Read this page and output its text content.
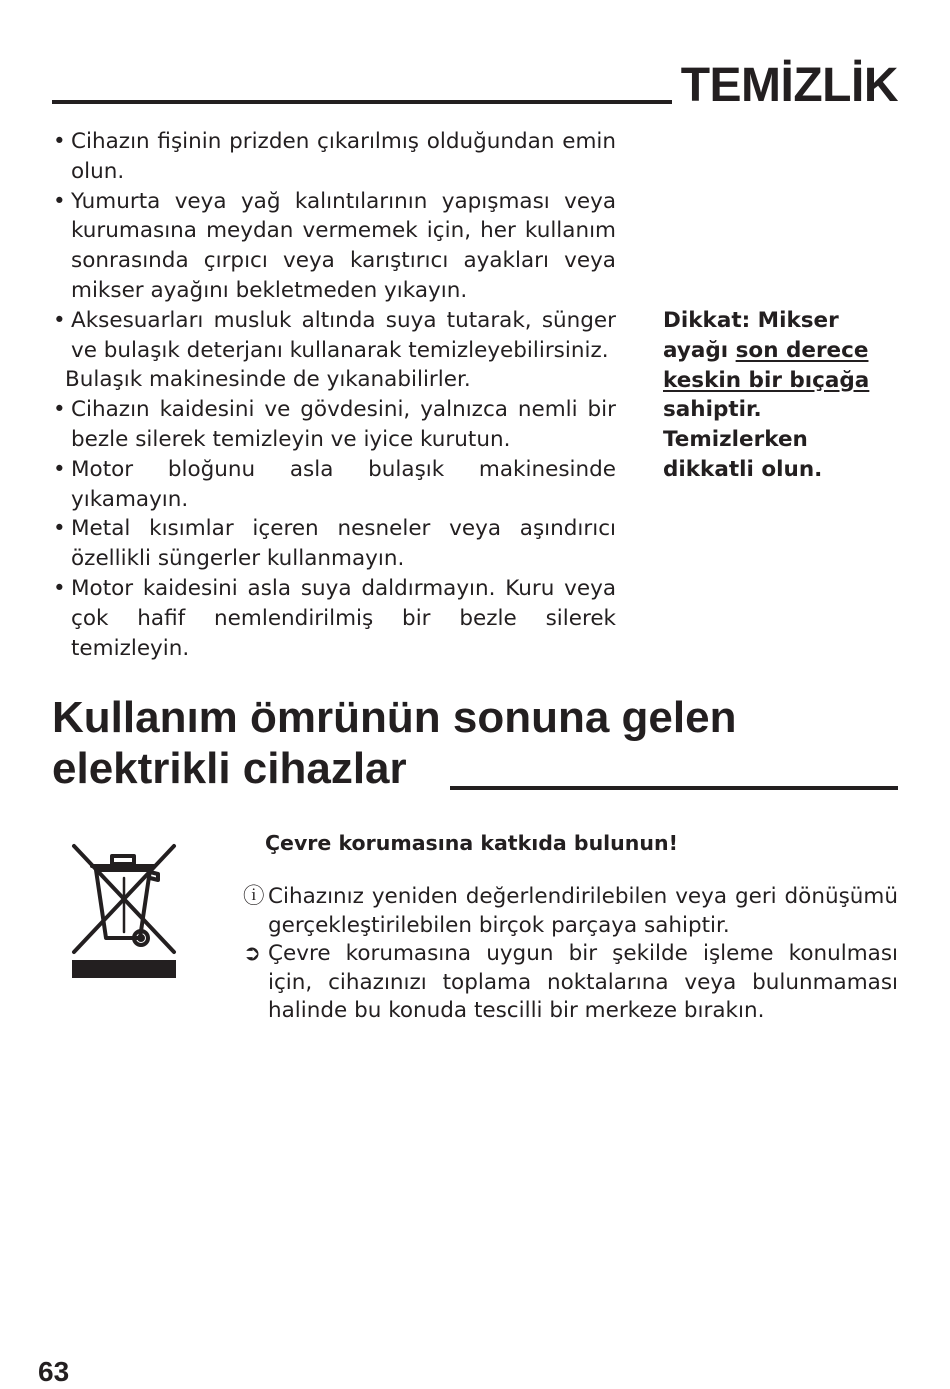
TEMİZLİK
• Cihazın fişinin prizden çıkarılmış olduğundan emin olun.
• Yumurta veya yağ kalıntılarının yapışması veya kurumasına meydan vermemek için, her kullanım sonrasında çırpıcı veya karıştırıcı ayakları veya mikser ayağını bekletmeden yıkayın.
• Aksesuarları musluk altında suya tutarak, sünger ve bulaşık deterjanı kullanarak temizleyebilirsiniz.
Bulaşık makinesinde de yıkanabilirler.
• Cihazın kaidesini ve gövdesini, yalnızca nemli bir bezle silerek temizleyin ve iyice kurutun.
• Motor bloğunu asla bulaşık makinesinde yıkamayın.
• Metal kısımlar içeren nesneler veya aşındırıcı özellikli süngerler kullanmayın.
• Motor kaidesini asla suya daldırmayın. Kuru veya çok hafif nemlendirilmiş bir bezle silerek temizleyin.

Dikkat: Mikser ayağı son derece keskin bir bıçağa sahiptir. Temizlerken dikkatli olun.

Kullanım ömrünün sonuna gelen
elektrikli cihazlar

Çevre korumasına katkıda bulunun!

ⓘ Cihazınız yeniden değerlendirilebilen veya geri dönüşümü gerçekleştirilebilen birçok parçaya sahiptir.
➲ Çevre korumasına uygun bir şekilde işleme konulması için, cihazınızı toplama noktalarına veya bulunmaması halinde bu konuda tescilli bir merkeze bırakın.

63
